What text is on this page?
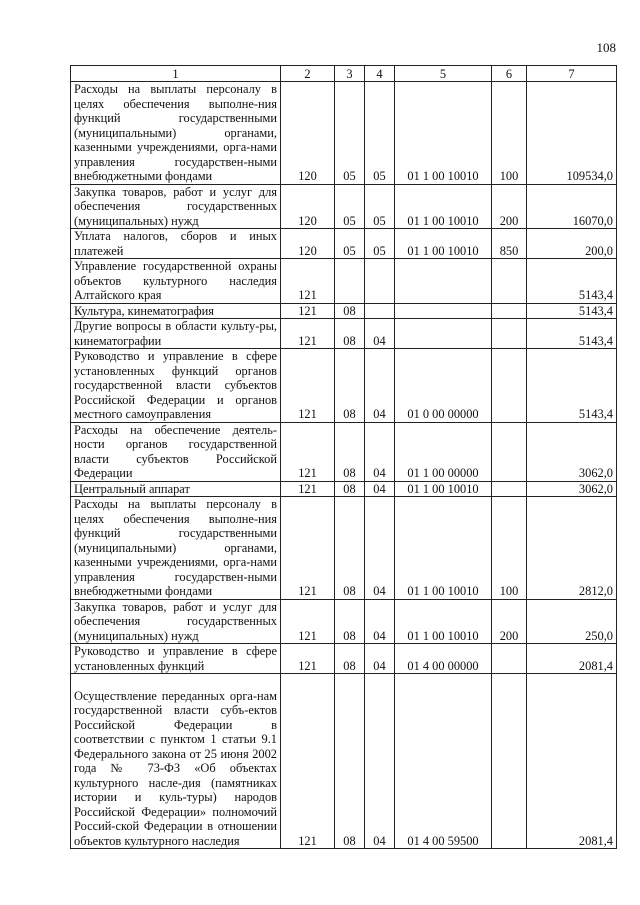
108
1	2	3	4	5	6	7
Расходы на выплаты персоналу в целях обеспечения выполне-ния функций государственными (муниципальными) органами, казенными учреждениями, орга-нами управления государствен-ными внебюджетными фондами	120	05	05	01 1 00 10010	100	109534,0
Закупка товаров, работ и услуг для обеспечения государственных (муниципальных) нужд	120	05	05	01 1 00 10010	200	16070,0
Уплата налогов, сборов и иных платежей	120	05	05	01 1 00 10010	850	200,0
Управление государственной охраны объектов культурного наследия Алтайского края	121					5143,4
Культура, кинематография	121	08				5143,4
Другие вопросы в области культу-ры, кинематографии	121	08	04			5143,4
Руководство и управление в сфере установленных функций органов государственной власти субъектов Российской Федерации и органов местного самоуправления	121	08	04	01 0 00 00000		5143,4
Расходы на обеспечение деятель-ности органов государственной власти субъектов Российской Федерации	121	08	04	01 1 00 00000		3062,0
Центральный аппарат	121	08	04	01 1 00 10010		3062,0
Расходы на выплаты персоналу в целях обеспечения выполне-ния функций государственными (муниципальными) органами, казенными учреждениями, орга-нами управления государствен-ными внебюджетными фондами	121	08	04	01 1 00 10010	100	2812,0
Закупка товаров, работ и услуг для обеспечения государственных (муниципальных) нужд	121	08	04	01 1 00 10010	200	250,0
Руководство и управление в сфере установленных функций	121	08	04	01 4 00 00000		2081,4
Осуществление переданных орга-нам государственной власти субъ-ектов Российской Федерации в соответствии с пунктом 1 статьи 9.1 Федерального закона от 25 июня 2002 года № 73-ФЗ «Об объектах культурного насле-дия (памятниках истории и куль-туры) народов Российской Федерации» полномочий Россий-ской Федерации в отношении объектов культурного наследия	121	08	04	01 4 00 59500		2081,4
